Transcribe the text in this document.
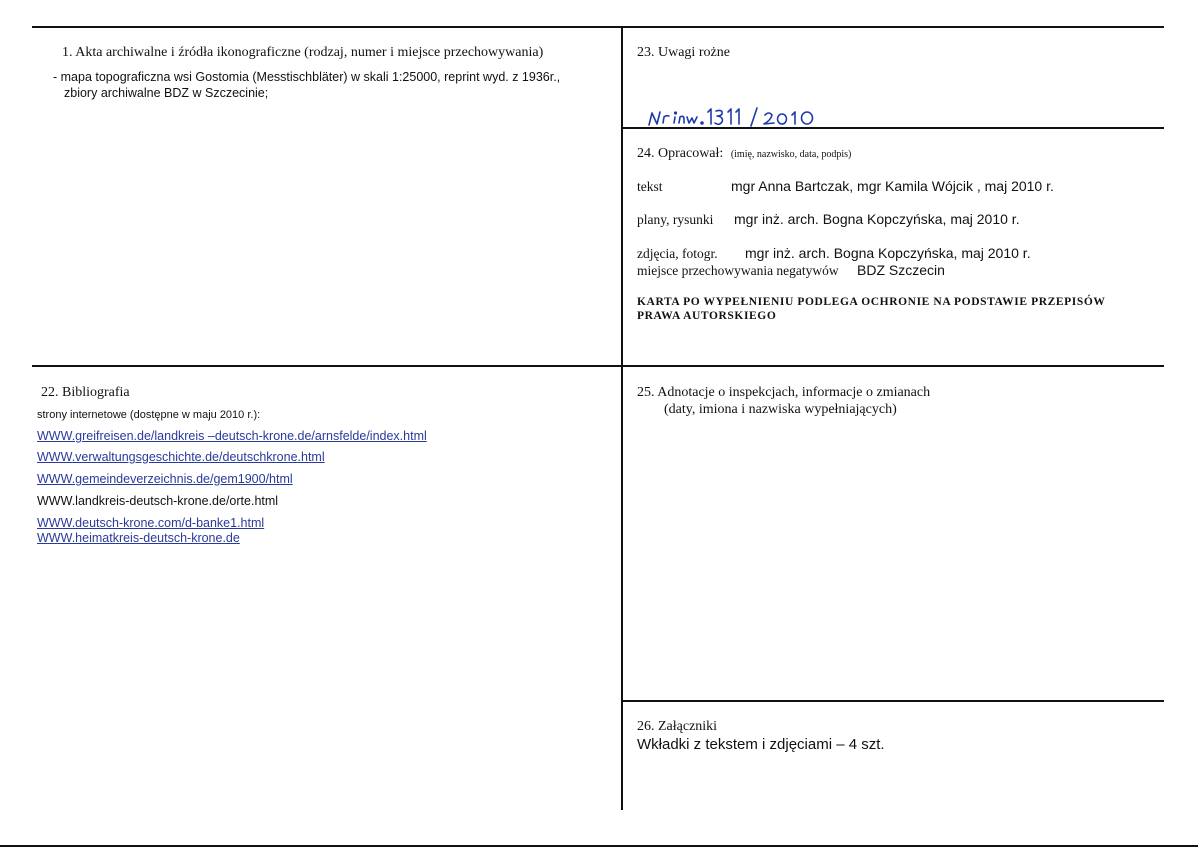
1. Akta archiwalne i źródła ikonograficzne (rodzaj, numer i miejsce przechowywania)
- mapa topograficzna wsi Gostomia (Messtischbläter) w skali 1:25000, reprint wyd. z 1936r.,
zbiory archiwalne BDZ w Szczecinie;
23. Uwagi rożne
24. Opracował: (imię, nazwisko, data, podpis)
tekst	mgr Anna Bartczak, mgr Kamila Wójcik , maj 2010 r.
plany, rysunki mgr inż. arch. Bogna Kopczyńska, maj 2010 r.
zdjęcia, fotogr. mgr inż. arch. Bogna Kopczyńska, maj 2010 r.
miejsce przechowywania negatywów BDZ Szczecin
KARTA PO WYPEŁNIENIU PODLEGA OCHRONIE NA PODSTAWIE PRZEPISÓW
PRAWA AUTORSKIEGO
22. Bibliografia
strony internetowe (dostępne w maju 2010 r.):
WWW.greifreisen.de/landkreis –deutsch-krone.de/arnsfelde/index.html
WWW.verwaltungsgeschichte.de/deutschkrone.html
WWW.gemeindeverzeichnis.de/gem1900/html
WWW.landkreis-deutsch-krone.de/orte.html
WWW.deutsch-krone.com/d-banke1.html
WWW.heimatkreis-deutsch-krone.de
25. Adnotacje o inspekcjach, informacje o zmianach
(daty, imiona i nazwiska wypełniających)
26. Załączniki
Wkładki z tekstem i zdjęciami – 4 szt.
